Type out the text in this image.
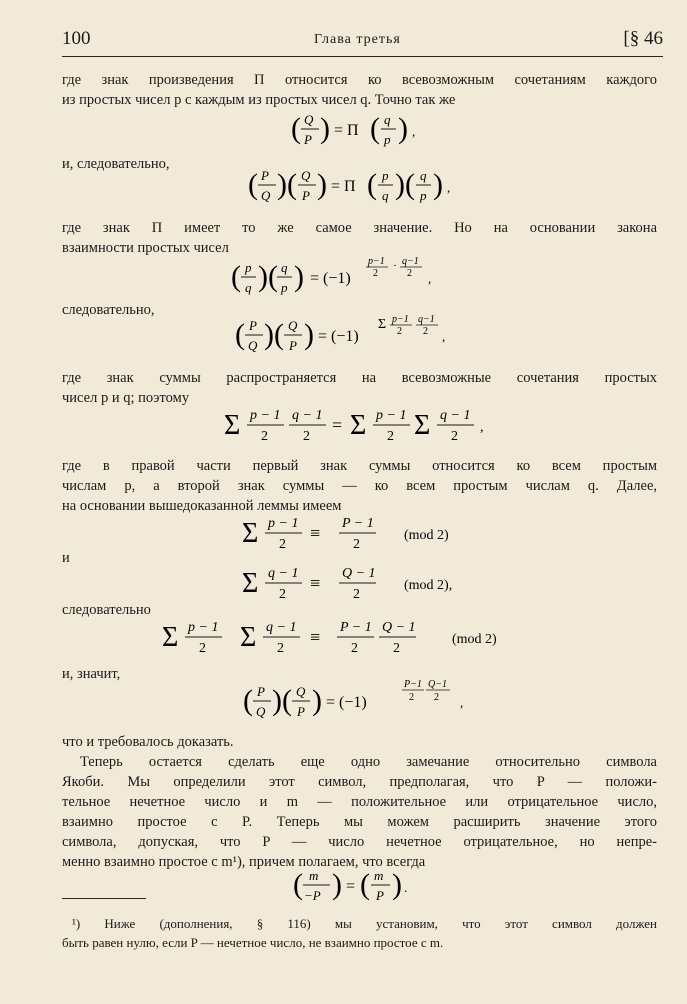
100	Глава третья	[§ 46
где знак произведения П относится ко всевозможным сочетаниям каждого
из простых чисел p с каждым из простых чисел q. Точно так же
( Q
P ) = П ( q
p ) ,
и, следовательно,
( P
Q )( Q
P ) = П ( p
q )( q
p ) ,
где знак П имеет то же самое значение. Но на основании закона
взаимности простых чисел
( p
q )( q
p ) = (−1)
p−1
2
· q−1
2 ,
следовательно,
( P
Q )( Q
P ) = (−1)
Σ p−1
2
q−1
2 ,
где знак суммы распространяется на всевозможные сочетания простых
чисел p и q; поэтому
Σ p − 1
2
q − 1
2
= Σ p − 1
2 Σ q − 1
2
,
где в правой части первый знак суммы относится ко всем простым
числам p, а второй знак суммы — ко всем простым числам q. Далее,
на основании вышедоказанной леммы имеем
Σ p − 1
2
≡ P − 1
2
(mod 2)
и
Σ q − 1
2
≡ Q − 1
2
(mod 2),
следовательно
Σ p − 1
2 Σ q − 1
2
≡ P − 1
2
Q − 1
2
(mod 2)
и, значит,
( P
Q )( Q
P ) = (−1)
P−1
2
Q−1
2 ,
что и требовалось доказать.
Теперь остается сделать еще одно замечание относительно символа
Якоби. Мы определили этот символ, предполагая, что P — положи-
тельное нечетное число и m — положительное или отрицательное число,
взаимно простое с P. Теперь мы можем расширить значение этого
символа, допуская, что P — число нечетное отрицательное, но непре-
менно взаимно простое с m¹), причем полагаем, что всегда
( m
−P ) = ( m
P ) .
¹) Ниже (дополнения, § 116) мы установим, что этот символ должен
быть равен нулю, если P — нечетное число, не взаимно простое с m.
